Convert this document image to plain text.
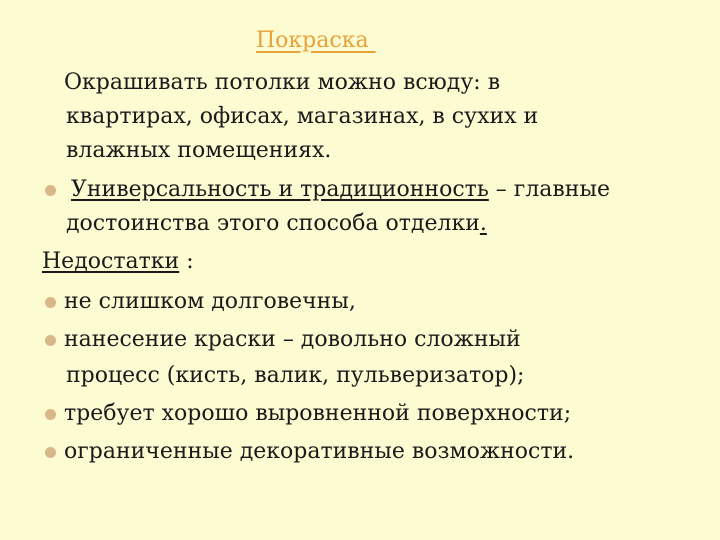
Покраска
Окрашивать потолки можно всюду: в
квартирах, офисах, магазинах, в сухих и
влажных помещениях.
Универсальность и традиционность – главные
достоинства этого способа отделки.
Недостатки :
не слишком долговечны,
нанесение краски – довольно сложный
процесс (кисть, валик, пульверизатор);
требует хорошо выровненной поверхности;
ограниченные декоративные возможности.
